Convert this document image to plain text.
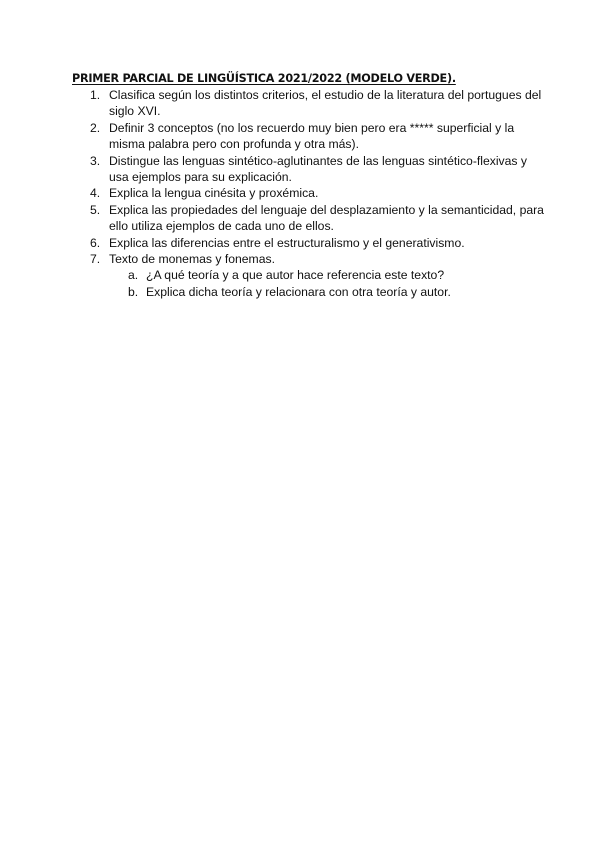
PRIMER PARCIAL DE LINGÜÍSTICA 2021/2022 (MODELO VERDE).
1. Clasifica según los distintos criterios, el estudio de la literatura del portugues del siglo XVI.
2. Definir 3 conceptos (no los recuerdo muy bien pero era ***** superficial y la misma palabra pero con profunda y otra más).
3. Distingue las lenguas sintético-aglutinantes de las lenguas sintético-flexivas y usa ejemplos para su explicación.
4. Explica la lengua cinésita y proxémica.
5. Explica las propiedades del lenguaje del desplazamiento y la semanticidad, para ello utiliza ejemplos de cada uno de ellos.
6. Explica las diferencias entre el estructuralismo y el generativismo.
7. Texto de monemas y fonemas.
a. ¿A qué teoría y a que autor hace referencia este texto?
b. Explica dicha teoría y relacionara con otra teoría y autor.
